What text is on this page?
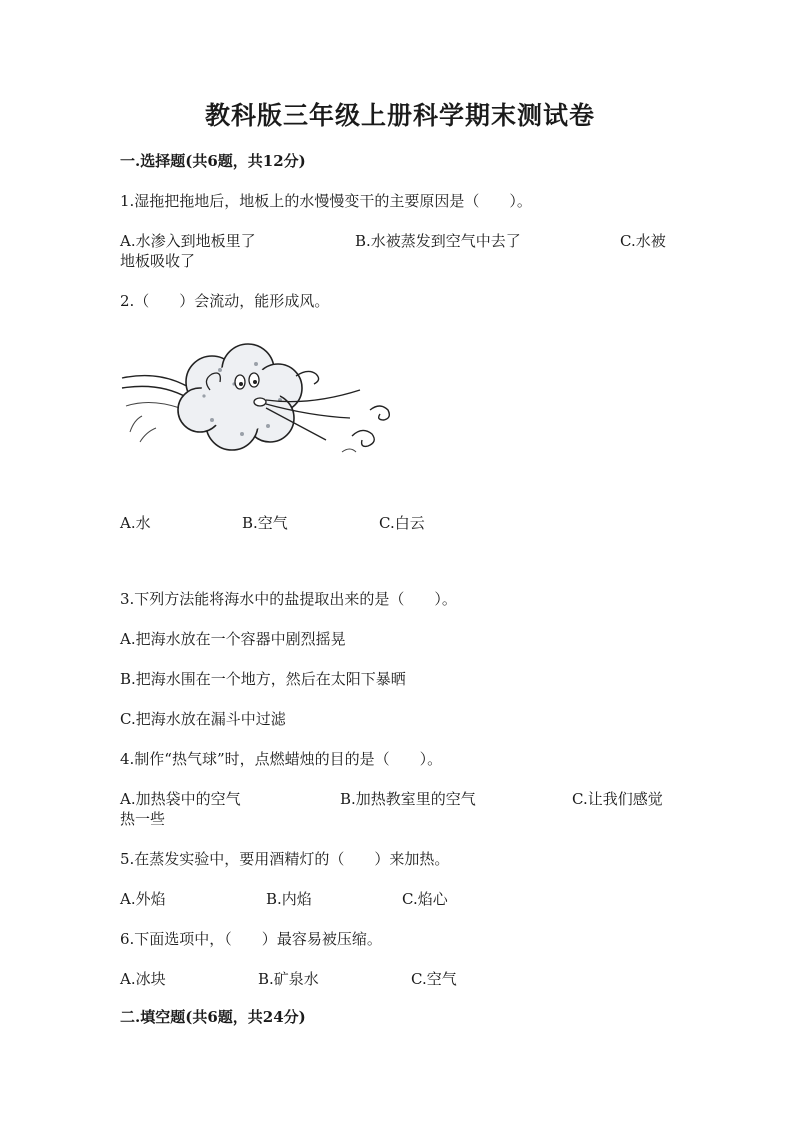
教科版三年级上册科学期末测试卷
一.选择题(共6题，共12分)
1.湿拖把拖地后，地板上的水慢慢变干的主要原因是（　　）。
A.水渗入到地板里了	B.水被蒸发到空气中去了	C.水被
地板吸收了
2.（　　）会流动，能形成风。
A.水	B.空气	C.白云
3.下列方法能将海水中的盐提取出来的是（　　）。
A.把海水放在一个容器中剧烈摇晃
B.把海水围在一个地方，然后在太阳下暴晒
C.把海水放在漏斗中过滤
4.制作“热气球”时，点燃蜡烛的目的是（　　）。
A.加热袋中的空气	B.加热教室里的空气	C.让我们感觉
热一些
5.在蒸发实验中，要用酒精灯的（　　）来加热。
A.外焰	B.内焰	C.焰心
6.下面选项中，（　　）最容易被压缩。
A.冰块	B.矿泉水	C.空气
二.填空题(共6题，共24分)
